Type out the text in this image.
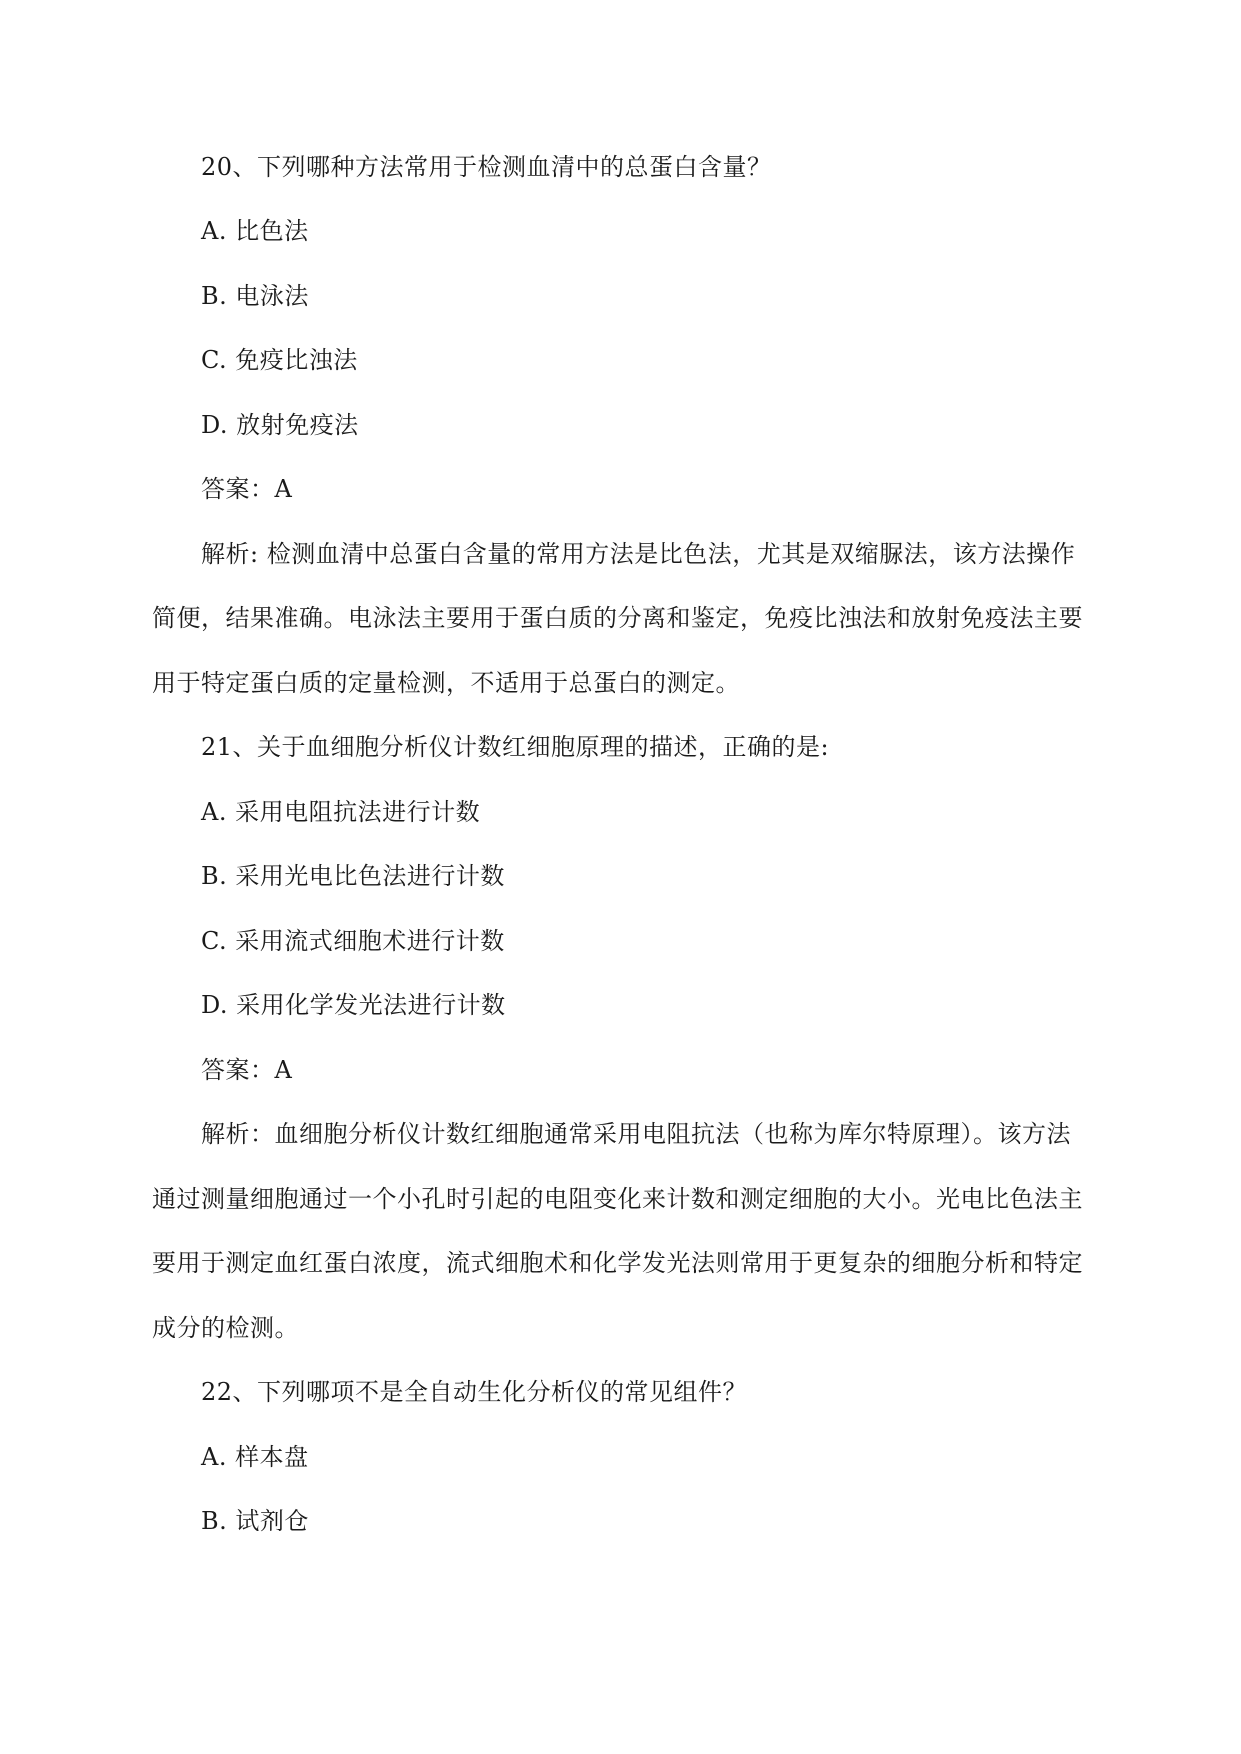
20、下列哪种方法常用于检测血清中的总蛋白含量？
A. 比色法
B. 电泳法
C. 免疫比浊法
D. 放射免疫法
答案：A
解析: 检测血清中总蛋白含量的常用方法是比色法，尤其是双缩脲法，该方法操作
简便，结果准确。电泳法主要用于蛋白质的分离和鉴定，免疫比浊法和放射免疫法主要
用于特定蛋白质的定量检测，不适用于总蛋白的测定。
21、关于血细胞分析仪计数红细胞原理的描述，正确的是:
A. 采用电阻抗法进行计数
B. 采用光电比色法进行计数
C. 采用流式细胞术进行计数
D. 采用化学发光法进行计数
答案：A
解析：血细胞分析仪计数红细胞通常采用电阻抗法（也称为库尔特原理）。该方法
通过测量细胞通过一个小孔时引起的电阻变化来计数和测定细胞的大小。光电比色法主
要用于测定血红蛋白浓度，流式细胞术和化学发光法则常用于更复杂的细胞分析和特定
成分的检测。
22、下列哪项不是全自动生化分析仪的常见组件？
A. 样本盘
B. 试剂仓
